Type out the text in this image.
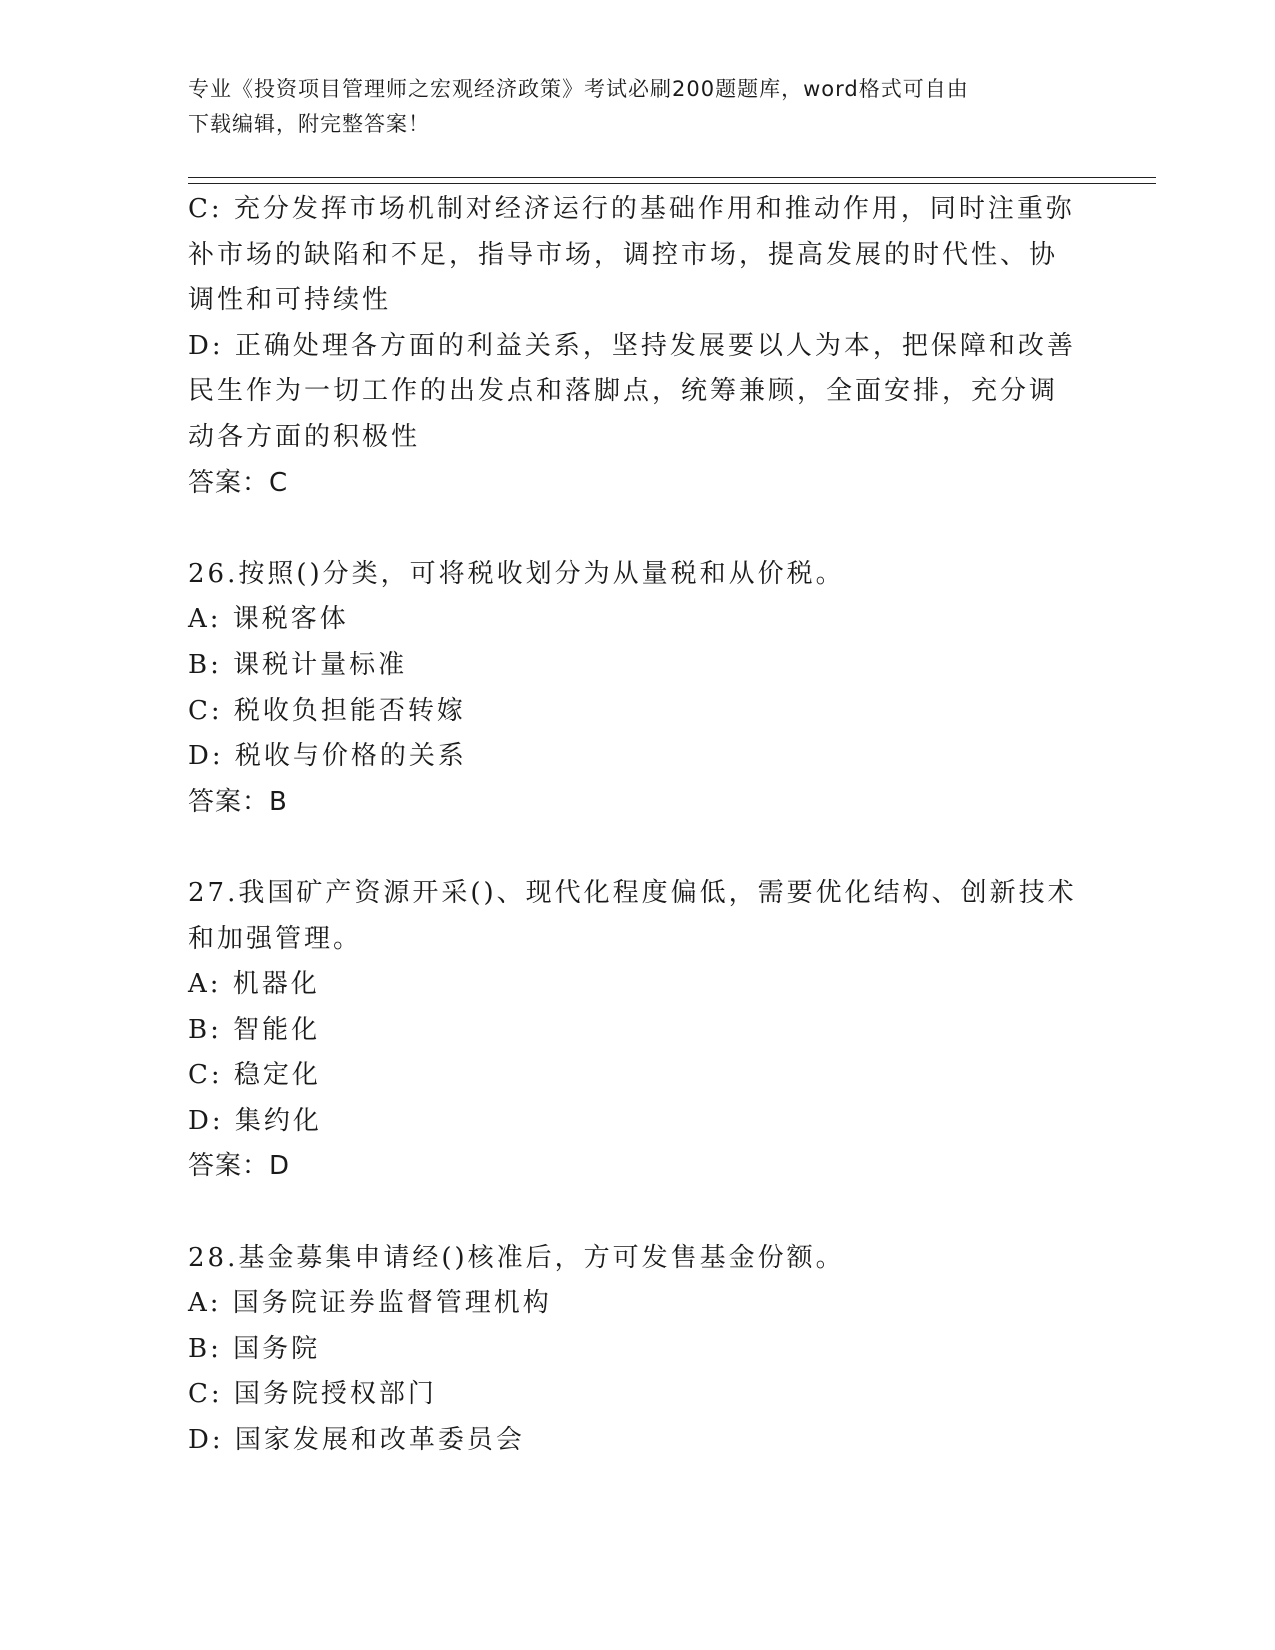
专业《投资项目管理师之宏观经济政策》考试必刷200题题库，word格式可自由
下载编辑，附完整答案！
C: 充分发挥市场机制对经济运行的基础作用和推动作用，同时注重弥
补市场的缺陷和不足，指导市场，调控市场，提高发展的时代性、协
调性和可持续性
D: 正确处理各方面的利益关系，坚持发展要以人为本，把保障和改善
民生作为一切工作的出发点和落脚点，统筹兼顾，全面安排，充分调
动各方面的积极性
答案：C
26.按照()分类，可将税收划分为从量税和从价税。
A: 课税客体
B: 课税计量标准
C: 税收负担能否转嫁
D: 税收与价格的关系
答案：B
27.我国矿产资源开采()、现代化程度偏低，需要优化结构、创新技术
和加强管理。
A: 机器化
B: 智能化
C: 稳定化
D: 集约化
答案：D
28.基金募集申请经()核准后，方可发售基金份额。
A: 国务院证券监督管理机构
B: 国务院
C: 国务院授权部门
D: 国家发展和改革委员会
